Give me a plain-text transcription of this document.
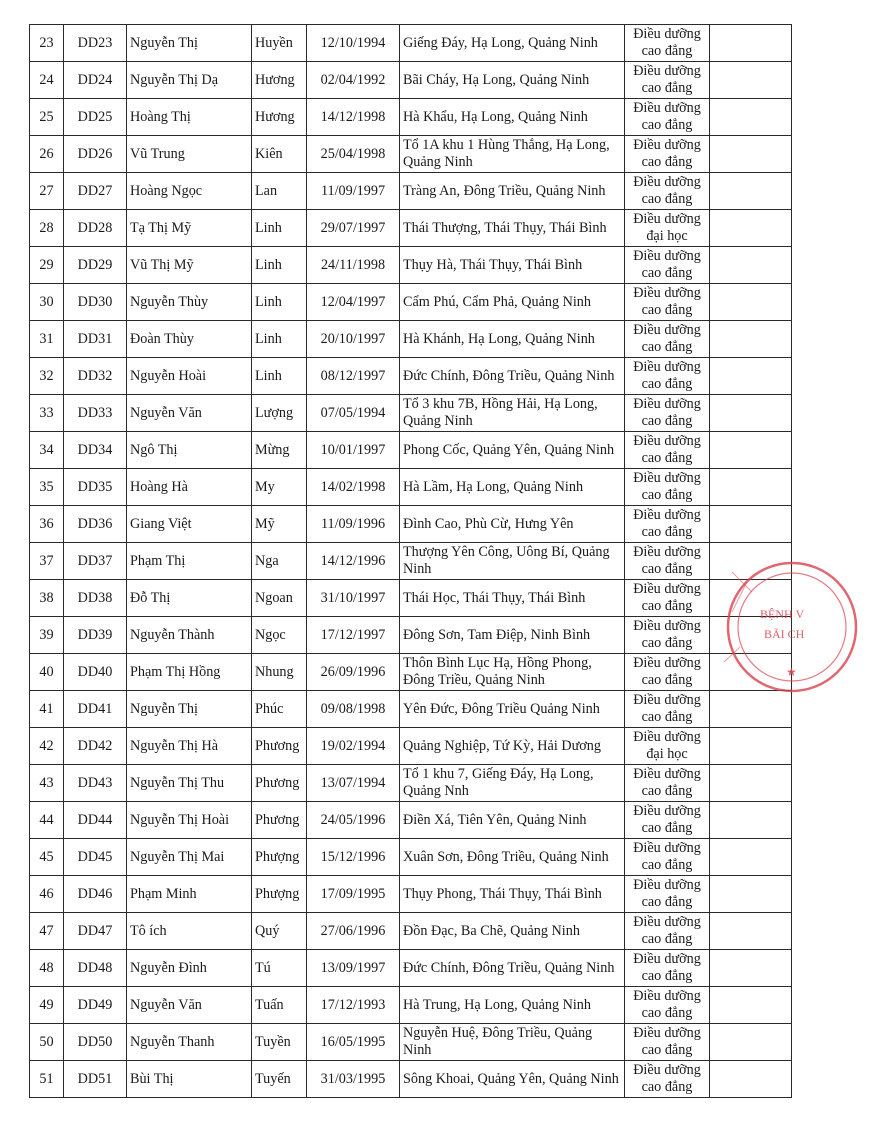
23	DD23	Nguyễn Thị	Huyền	12/10/1994	Giếng Đáy, Hạ Long, Quảng Ninh	Điều dưỡng cao đẳng	
24	DD24	Nguyễn Thị Dạ	Hương	02/04/1992	Bãi Cháy, Hạ Long, Quảng Ninh	Điều dưỡng cao đẳng	
25	DD25	Hoàng Thị	Hương	14/12/1998	Hà Khẩu, Hạ Long, Quảng Ninh	Điều dưỡng cao đẳng	
26	DD26	Vũ Trung	Kiên	25/04/1998	Tổ 1A khu 1 Hùng Thắng, Hạ Long, Quảng Ninh	Điều dưỡng cao đẳng	
27	DD27	Hoàng Ngọc	Lan	11/09/1997	Tràng An, Đông Triều, Quảng Ninh	Điều dưỡng cao đẳng	
28	DD28	Tạ Thị Mỹ	Linh	29/07/1997	Thái Thượng, Thái Thụy, Thái Bình	Điều dưỡng đại học	
29	DD29	Vũ Thị Mỹ	Linh	24/11/1998	Thụy Hà, Thái Thụy, Thái Bình	Điều dưỡng cao đẳng	
30	DD30	Nguyễn Thùy	Linh	12/04/1997	Cẩm Phú, Cẩm Phả, Quảng Ninh	Điều dưỡng cao đẳng	
31	DD31	Đoàn Thùy	Linh	20/10/1997	Hà Khánh, Hạ Long, Quảng Ninh	Điều dưỡng cao đẳng	
32	DD32	Nguyễn Hoài	Linh	08/12/1997	Đức Chính, Đông Triều, Quảng Ninh	Điều dưỡng cao đẳng	
33	DD33	Nguyễn Văn	Lượng	07/05/1994	Tổ 3 khu 7B, Hồng Hải, Hạ Long, Quảng Ninh	Điều dưỡng cao đẳng	
34	DD34	Ngô Thị	Mừng	10/01/1997	Phong Cốc, Quảng Yên, Quảng Ninh	Điều dưỡng cao đẳng	
35	DD35	Hoàng Hà	My	14/02/1998	Hà Lầm, Hạ Long, Quảng Ninh	Điều dưỡng cao đẳng	
36	DD36	Giang Việt	Mỹ	11/09/1996	Đình Cao, Phù Cừ, Hưng Yên	Điều dưỡng cao đẳng	
37	DD37	Phạm Thị	Nga	14/12/1996	Thượng Yên Công, Uông Bí, Quảng Ninh	Điều dưỡng cao đẳng	
38	DD38	Đỗ Thị	Ngoan	31/10/1997	Thái Học, Thái Thụy, Thái Bình	Điều dưỡng cao đẳng	
39	DD39	Nguyễn Thành	Ngọc	17/12/1997	Đông Sơn, Tam Điệp, Ninh Bình	Điều dưỡng cao đẳng	
40	DD40	Phạm Thị Hồng	Nhung	26/09/1996	Thôn Bình Lục Hạ, Hồng Phong, Đông Triều, Quảng Ninh	Điều dưỡng cao đẳng	
41	DD41	Nguyễn Thị	Phúc	09/08/1998	Yên Đức, Đông Triều Quảng Ninh	Điều dưỡng cao đẳng	
42	DD42	Nguyễn Thị Hà	Phương	19/02/1994	Quảng Nghiệp, Tứ Kỳ, Hải Dương	Điều dưỡng đại học	
43	DD43	Nguyễn Thị Thu	Phương	13/07/1994	Tổ 1 khu 7, Giếng Đáy, Hạ Long, Quảng Nnh	Điều dưỡng cao đẳng	
44	DD44	Nguyễn Thị Hoài	Phương	24/05/1996	Điền Xá, Tiên Yên, Quảng Ninh	Điều dưỡng cao đẳng	
45	DD45	Nguyễn Thị Mai	Phượng	15/12/1996	Xuân Sơn, Đông Triều, Quảng Ninh	Điều dưỡng cao đẳng	
46	DD46	Phạm Minh	Phượng	17/09/1995	Thụy Phong, Thái Thụy, Thái Bình	Điều dưỡng cao đẳng	
47	DD47	Tô ích	Quý	27/06/1996	Đồn Đạc, Ba Chẽ, Quảng Ninh	Điều dưỡng cao đẳng	
48	DD48	Nguyễn Đình	Tú	13/09/1997	Đức Chính, Đông Triều, Quảng Ninh	Điều dưỡng cao đẳng	
49	DD49	Nguyễn Văn	Tuấn	17/12/1993	Hà Trung, Hạ Long, Quảng Ninh	Điều dưỡng cao đẳng	
50	DD50	Nguyễn Thanh	Tuyền	16/05/1995	Nguyễn Huệ, Đông Triều, Quảng Ninh	Điều dưỡng cao đẳng	
51	DD51	Bùi Thị	Tuyến	31/03/1995	Sông Khoai, Quảng Yên, Quảng Ninh	Điều dưỡng cao đẳng	
BỆNH V
BÃI CH
★
